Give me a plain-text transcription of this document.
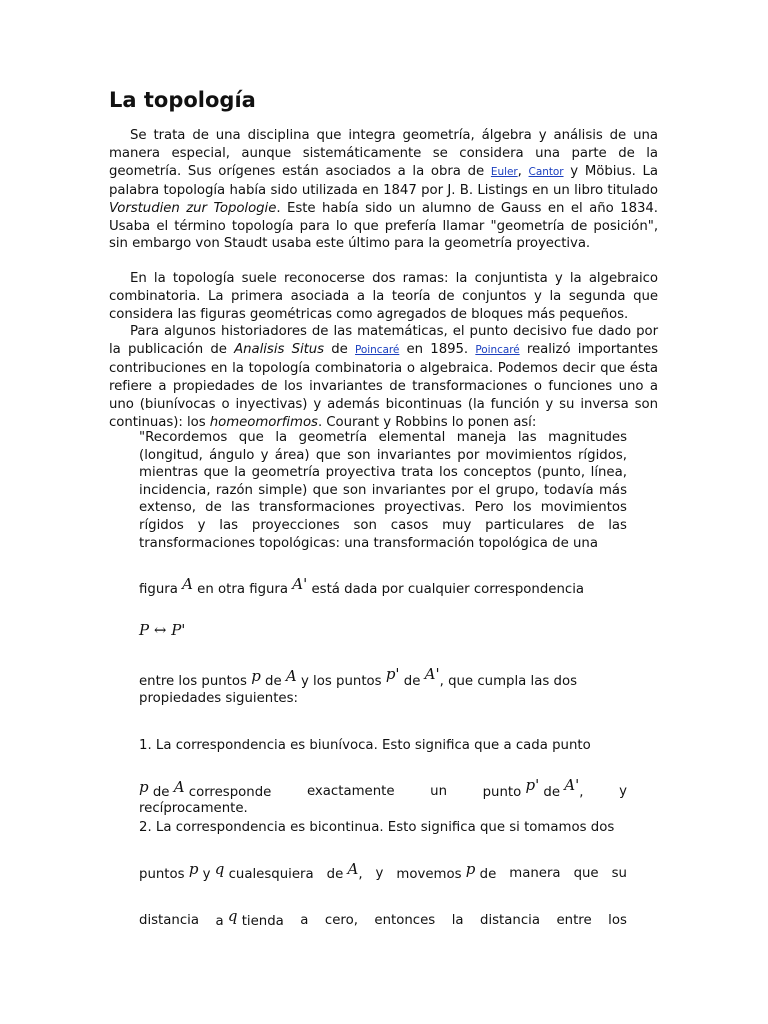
La topología

Se trata de una disciplina que integra geometría, álgebra y análisis de una manera especial, aunque sistemáticamente se considera una parte de la geometría. Sus orígenes están asociados a la obra de Euler, Cantor y Möbius. La palabra topología había sido utilizada en 1847 por J. B. Listings en un libro titulado Vorstudien zur Topologie. Este había sido un alumno de Gauss en el año 1834. Usaba el término topología para lo que prefería llamar "geometría de posición", sin embargo von Staudt usaba este último para la geometría proyectiva.

En la topología suele reconocerse dos ramas: la conjuntista y la algebraico combinatoria. La primera asociada a la teoría de conjuntos y la segunda que considera las figuras geométricas como agregados de bloques más pequeños.

Para algunos historiadores de las matemáticas, el punto decisivo fue dado por la publicación de Analisis Situs de Poincaré en 1895. Poincaré realizó importantes contribuciones en la topología combinatoria o algebraica. Podemos decir que ésta refiere a propiedades de los invariantes de transformaciones o funciones uno a uno (biunívocas o inyectivas) y además bicontinuas (la función y su inversa son continuas): los homeomorfimos. Courant y Robbins lo ponen así:

"Recordemos que la geometría elemental maneja las magnitudes (longitud, ángulo y área) que son invariantes por movimientos rígidos, mientras que la geometría proyectiva trata los conceptos (punto, línea, incidencia, razón simple) que son invariantes por el grupo, todavía más extenso, de las transformaciones proyectivas. Pero los movimientos rígidos y las proyecciones son casos muy particulares de las transformaciones topológicas: una transformación topológica de una

figura A en otra figura A' está dada por cualquier correspondencia
P ↔ P'
entre los puntos p de A y los puntos p' de A', que cumpla las dos
propiedades siguientes:
1. La correspondencia es biunívoca. Esto significa que a cada punto
p de A corresponde	exactamente	un	punto p' de A',	y
recíprocamente.
2. La correspondencia es bicontinua. Esto significa que si tomamos dos
puntos p y q cualesquiera de A, y movemos p de manera que su
distancia a q tienda a cero, entonces la distancia entre los
